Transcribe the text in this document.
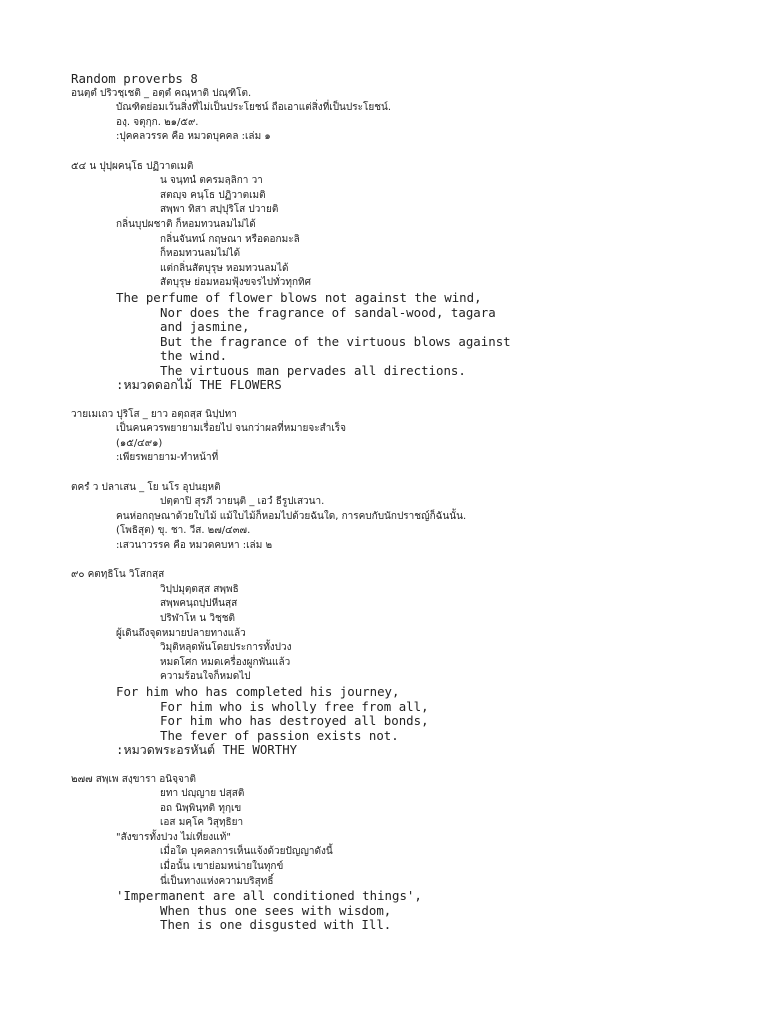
Random proverbs 8
อนตฺตํ ปริวชฺเชติ _ อตฺตํ คณฺหาติ ปณฺฑิโต.
บัณฑิตย่อมเว้นสิ่งที่ไม่เป็นประโยชน์ ถือเอาแต่สิ่งที่เป็นประโยชน์.
องฺ. จตุกฺก. ๒๑/๕๙.
:ปุคคลวรรค คือ หมวดบุคคล :เล่ม ๑
๕๔ น ปุปฺผคนฺโธ ปฏิวาตเมติ
น จนฺทนํ ตครมลฺลิกา วา
สตญฺจ คนฺโธ ปฏิวาตเมติ
สพฺพา ทิสา สปฺปุริโส ปวายติ
กลิ่นบุปผชาติ ก็หอมทวนลมไม่ได้
กลิ่นจันทน์ กฤษณา หรือดอกมะลิ
ก็หอมทวนลมไม่ได้
แต่กลิ่นสัตบุรุษ หอมทวนลมได้
สัตบุรุษ ย่อมหอมฟุ้งขจรไปทั่วทุกทิศ
The perfume of flower blows not against the wind,
Nor does the fragrance of sandal-wood, tagara
and jasmine,
But the fragrance of the virtuous blows against
the wind.
The virtuous man pervades all directions.
:หมวดดอกไม้ THE FLOWERS
วายเมเถว ปุริโส _ ยาว อตฺถสฺส นิปฺปทา
เป็นคนควรพยายามเรื่อยไป จนกว่าผลที่หมายจะสำเร็จ
(๑๕/๔๙๑)
:เพียรพยายาม-ทำหน้าที่
ตครํ ว ปลาเสน _ โย นโร อุปนยฺหติ
ปตฺตาปิ สุรภี วายนฺติ _ เอวํ ธีรูปเสวนา.
คนห่อกฤษณาด้วยใบไม้ แม้ใบไม้ก็หอมไปด้วยฉันใด, การคบกับนักปราชญ์ก็ฉันนั้น.
(โพธิสุต) ขุ. ชา. วีส. ๒๗/๔๓๗.
:เสวนาวรรค คือ หมวดคบหา :เล่ม ๒
๙๐ คตทฺธิโน วิโสกสฺส
วิปฺปมุตฺตสฺส สพฺพธิ
สพฺพคนฺถปฺปหีนสฺส
ปริฬาโห น วิชฺชติ
ผู้เดินถึงจุดหมายปลายทางแล้ว
วิมุติหลุดพ้นโดยประการทั้งปวง
หมดโศก หมดเครื่องผูกพันแล้ว
ความร้อนใจก็หมดไป
For him who has completed his journey,
For him who is wholly free from all,
For him who has destroyed all bonds,
The fever of passion exists not.
:หมวดพระอรหันต์ THE WORTHY
๒๗๗ สพฺเพ สงฺขารา อนิจฺจาติ
ยทา ปญฺญาย ปสฺสติ
อถ นิพฺพินฺทติ ทุกฺเข
เอส มคฺโค วิสุทฺธิยา
"สังขารทั้งปวง ไม่เที่ยงแท้"
เมื่อใด บุคคลการเห็นแจ้งด้วยปัญญาดังนี้
เมื่อนั้น เขาย่อมหน่ายในทุกข์
นี่เป็นทางแห่งความบริสุทธิ์
'Impermanent are all conditioned things',
When thus one sees with wisdom,
Then is one disgusted with Ill.
